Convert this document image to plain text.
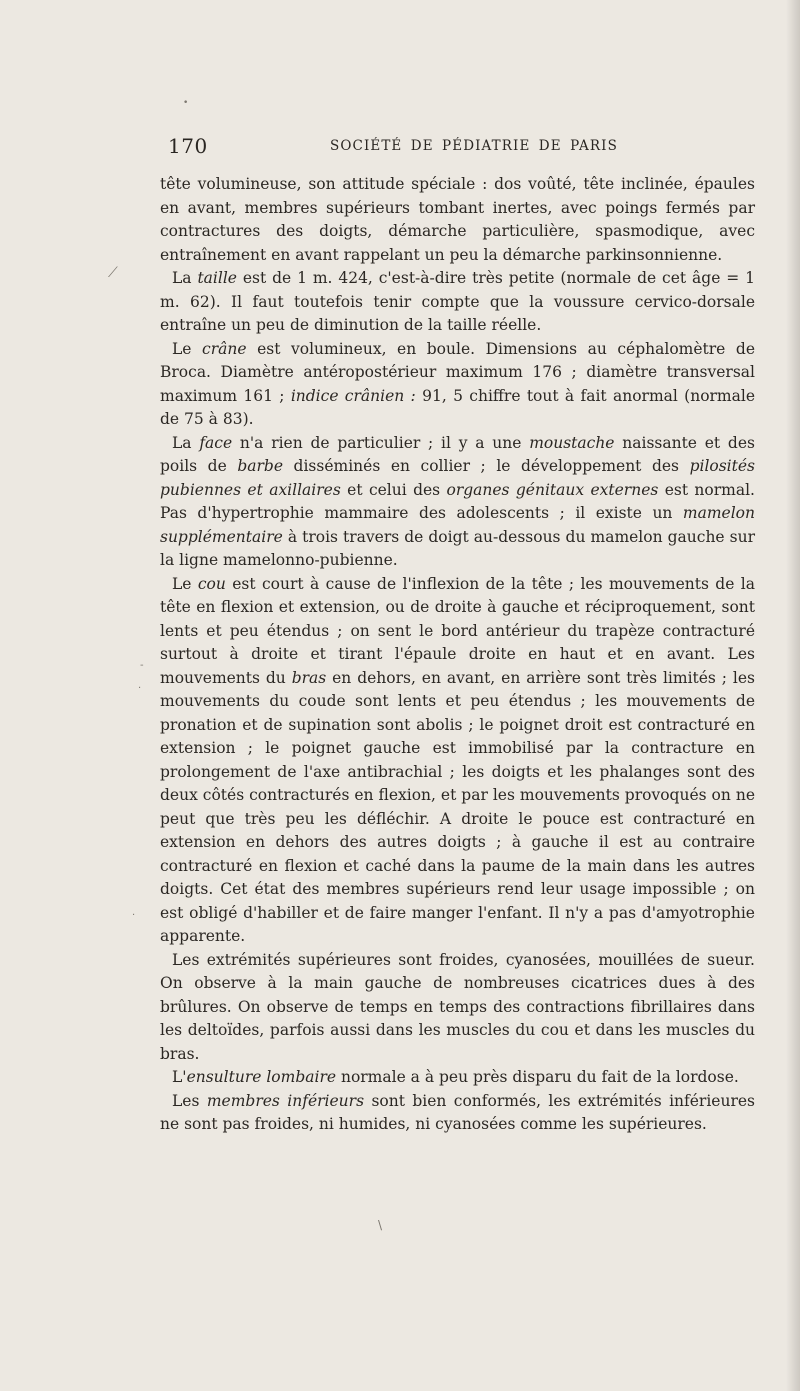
170	SOCIÉTÉ DE PÉDIATRIE DE PARIS

tête volumineuse, son attitude spéciale : dos voûté, tête inclinée, épaules en avant, membres supérieurs tombant inertes, avec poings fermés par contractures des doigts, démarche particulière, spasmodique, avec entraînement en avant rappelant un peu la démarche parkinsonnienne.

La taille est de 1 m. 424, c'est-à-dire très petite (normale de cet âge = 1 m. 62). Il faut toutefois tenir compte que la voussure cervico-dorsale entraîne un peu de diminution de la taille réelle.

Le crâne est volumineux, en boule. Dimensions au céphalomètre de Broca. Diamètre antéropostérieur maximum 176 ; diamètre transversal maximum 161 ; indice crânien : 91, 5 chiffre tout à fait anormal (normale de 75 à 83).

La face n'a rien de particulier ; il y a une moustache naissante et des poils de barbe disséminés en collier ; le développement des pilosités pubiennes et axillaires et celui des organes génitaux externes est normal. Pas d'hypertrophie mammaire des adolescents ; il existe un mamelon supplémentaire à trois travers de doigt au-dessous du mamelon gauche sur la ligne mamelonno-pubienne.

Le cou est court à cause de l'inflexion de la tête ; les mouvements de la tête en flexion et extension, ou de droite à gauche et réciproquement, sont lents et peu étendus ; on sent le bord antérieur du trapèze contracturé surtout à droite et tirant l'épaule droite en haut et en avant. Les mouvements du bras en dehors, en avant, en arrière sont très limités ; les mouvements du coude sont lents et peu étendus ; les mouvements de pronation et de supination sont abolis ; le poignet droit est contracturé en extension ; le poignet gauche est immobilisé par la contracture en prolongement de l'axe antibrachial ; les doigts et les phalanges sont des deux côtés contracturés en flexion, et par les mouvements provoqués on ne peut que très peu les défléchir. A droite le pouce est contracturé en extension en dehors des autres doigts ; à gauche il est au contraire contracturé en flexion et caché dans la paume de la main dans les autres doigts. Cet état des membres supérieurs rend leur usage impossible ; on est obligé d'habiller et de faire manger l'enfant. Il n'y a pas d'amyotrophie apparente.

Les extrémités supérieures sont froides, cyanosées, mouillées de sueur. On observe à la main gauche de nombreuses cicatrices dues à des brûlures. On observe de temps en temps des contractions fibrillaires dans les deltoïdes, parfois aussi dans les muscles du cou et dans les muscles du bras.

L'ensulture lombaire normale a à peu près disparu du fait de la lordose.

Les membres inférieurs sont bien conformés, les extrémités inférieures ne sont pas froides, ni humides, ni cyanosées comme les supérieures.

•
⟋
-
·
·
\
